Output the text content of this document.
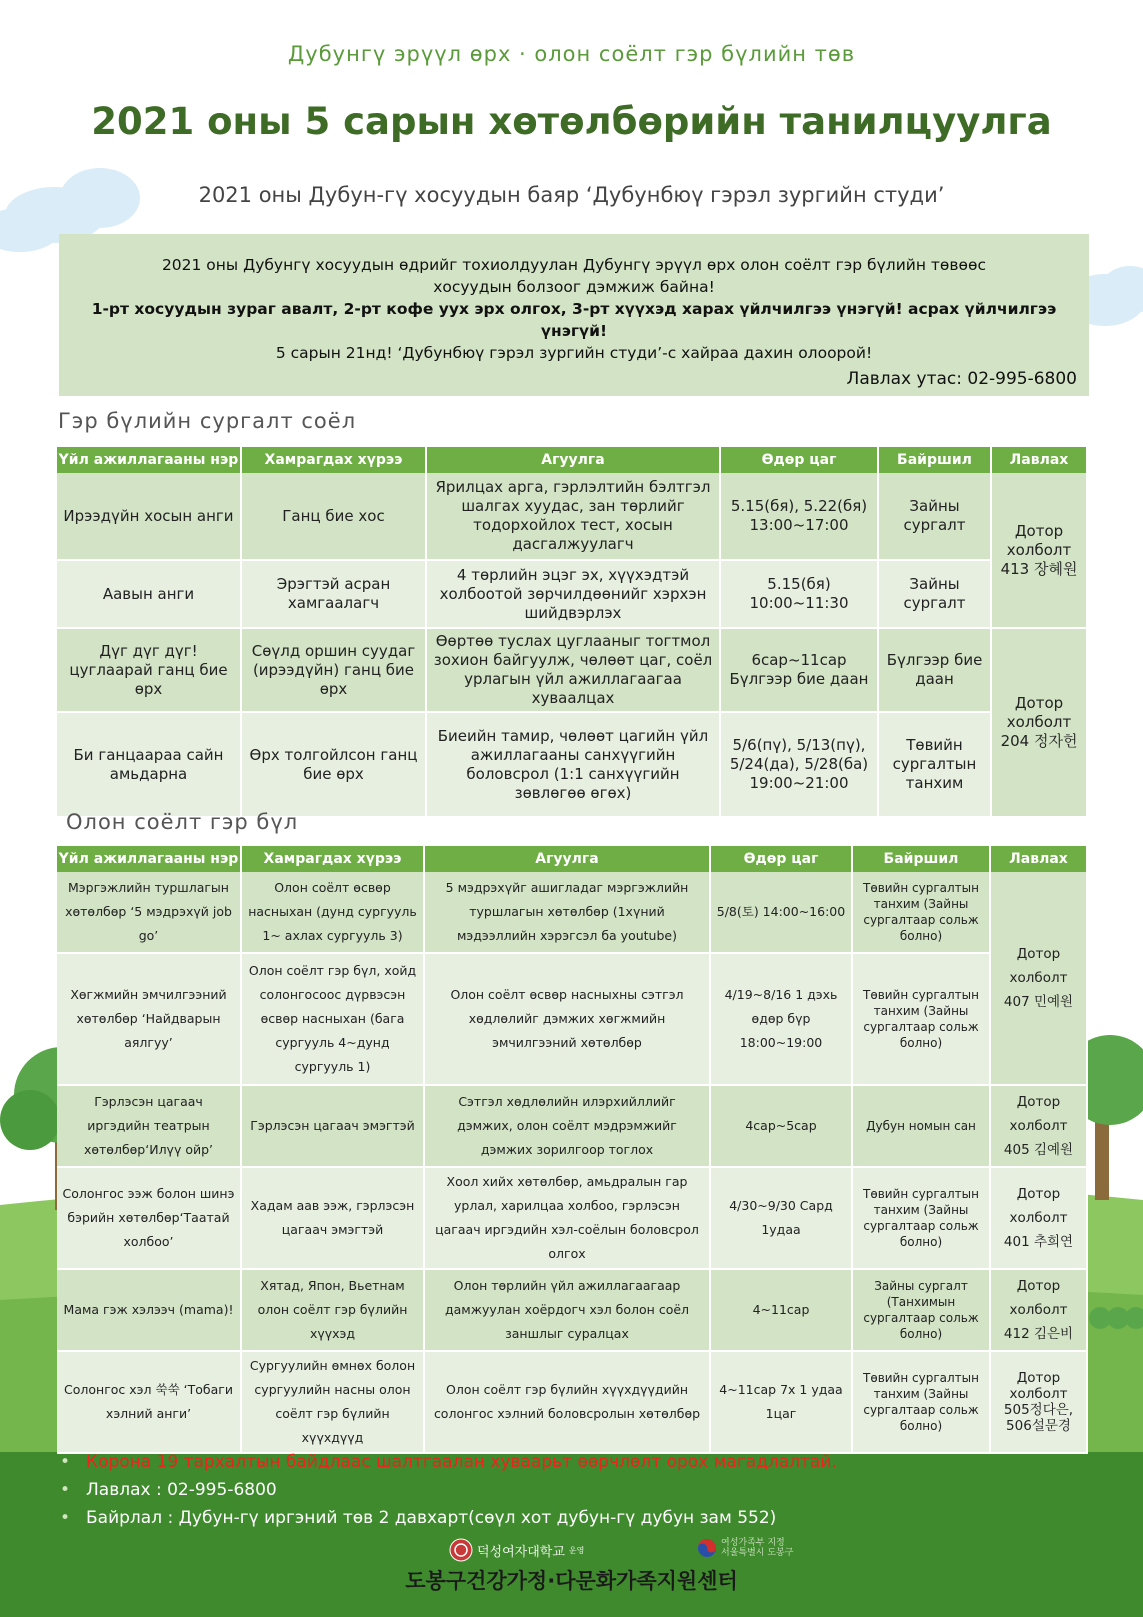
Дубунгү эрүүл өрх · олон соёлт гэр бүлийн төв
2021 оны 5 сарын хөтөлбөрийн танилцуулга
2021 оны Дубун-гү хосуудын баяр ‘Дубунбюү гэрэл зургийн студи’
2021 оны Дубунгү хосуудын өдрийг тохиолдуулан Дубунгү эрүүл өрх олон соёлт гэр бүлийн төвөөс
хосуудын болзоог дэмжиж байна!
1-рт хосуудын зураг авалт, 2-рт кофе уух эрх олгох, 3-рт хүүхэд харах үйлчилгээ үнэгүй! асрах үйлчилгээ үнэгүй!
5 сарын 21нд! ‘Дубунбюү гэрэл зургийн студи’-с хайраа дахин олоорой!
Лавлах утас: 02-995-6800
Гэр бүлийн сургалт соёл
Үйл ажиллагааны нэр	Хамрагдах хүрээ	Агуулга	Өдөр цаг	Байршил	Лавлах
Ирээдүйн хосын анги	Ганц бие хос	Ярилцах арга, гэрлэлтийн бэлтгэл шалгах хуудас, зан төрлийг тодорхойлох тест, хосын дасгалжуулагч	5.15(бя), 5.22(бя) 13:00~17:00	Зайны сургалт	Дотор холболт 413 장혜원
Аавын анги	Эрэгтэй асран хамгаалагч	4 төрлийн эцэг эх, хүүхэдтэй холбоотой зөрчилдөөнийг хэрхэн шийдвэрлэх	5.15(бя) 10:00~11:30	Зайны сургалт	
Дүг дүг дүг! цуглаарай ганц бие өрх	Сөүлд оршин суудаг (ирээдүйн) ганц бие өрх	Өөртөө туслах цуглааныг тогтмол зохион байгуулж, чөлөөт цаг, соёл урлагын үйл ажиллагаагаа хуваалцах	6сар~11сар Бүлгээр бие даан	Бүлгээр бие даан	Дотор холболт 204 정자헌
Би ганцаараа сайн амьдарна	Өрх толгойлсон ганц бие өрх	Биеийн тамир, чөлөөт цагийн үйл ажиллагааны санхүүгийн боловсрол (1:1 санхүүгийн зөвлөгөө өгөх)	5/6(пү), 5/13(пү), 5/24(да), 5/28(ба) 19:00~21:00	Төвийн сургалтын танхим	
Олон соёлт гэр бүл
Үйл ажиллагааны нэр	Хамрагдах хүрээ	Агуулга	Өдөр цаг	Байршил	Лавлах
Мэргэжлийн туршлагын хөтөлбөр ‘5 мэдрэхүй job go’	Олон соёлт өсвөр насныхан (дунд сургууль 1~ ахлах сургууль 3)	5 мэдрэхүйг ашигладаг мэргэжлийн туршлагын хөтөлбөр (1хүний мэдээллийн хэрэгсэл ба youtube)	5/8(토) 14:00~16:00	Төвийн сургалтын танхим (Зайны сургалтаар сольж болно)	Дотор холболт 407 민예원
Хөгжмийн эмчилгээний хөтөлбөр ‘Найдварын аялгуу’	Олон соёлт гэр бүл, хойд солонгосоос дүрвэсэн өсвөр насныхан (бага сургууль 4~дунд сургууль 1)	Олон соёлт өсвөр насныхны сэтгэл хөдлөлийг дэмжих хөгжмийн эмчилгээний хөтөлбөр	4/19~8/16 1 дэхь өдөр бүр 18:00~19:00	Төвийн сургалтын танхим (Зайны сургалтаар сольж болно)	
Гэрлэсэн цагаач иргэдийн театрын хөтөлбөр‘Илүү ойр’	Гэрлэсэн цагаач эмэгтэй	Сэтгэл хөдлөлийн илэрхийллийг дэмжих, олон соёлт мэдрэмжийг дэмжих зорилгоор тоглох	4сар~5сар	Дубун номын сан	Дотор холболт 405 김예원
Солонгос ээж болон шинэ бэрийн хөтөлбөр‘Таатай холбоо’	Хадам аав ээж, гэрлэсэн цагаач эмэгтэй	Хоол хийх хөтөлбөр, амьдралын гар урлал, харилцаа холбоо, гэрлэсэн цагаач иргэдийн хэл-соёлын боловсрол олгох	4/30~9/30 Сард 1удаа	Төвийн сургалтын танхим (Зайны сургалтаар сольж болно)	Дотор холболт 401 추희연
Мама гэж хэлээч (mama)!	Хятад, Япон, Вьетнам олон соёлт гэр бүлийн хүүхэд	Олон төрлийн үйл ажиллагаагаар дамжуулан хоёрдогч хэл болон соёл заншлыг суралцах	4~11сар	Зайны сургалт (Танхимын сургалтаар сольж болно)	Дотор холболт 412 김은비
Солонгос хэл 쑥쑥 ‘Тобаги хэлний анги’	Сургуулийн өмнөх болон сургуулийн насны олон соёлт гэр бүлийн хүүхдүүд	Олон соёлт гэр бүлийн хүүхдүүдийн солонгос хэлний боловсролын хөтөлбөр	4~11сар 7х 1 удаа 1цаг	Төвийн сургалтын танхим (Зайны сургалтаар сольж болно)	Дотор холболт 505정다은, 506설문경
• Корона 19 тархалтын байдлаас шалтгаалан хуваарьт өөрчлөлт орох магадлалтай.
• Лавлах : 02-995-6800
• Байрлал : Дубун-гү иргэний төв 2 давхарт(сөүл хот дубун-гү дубун зам 552)
덕성여자대학교 운영
여성가족부 지정
서울특별시 도봉구
도봉구건강가정·다문화가족지원센터
